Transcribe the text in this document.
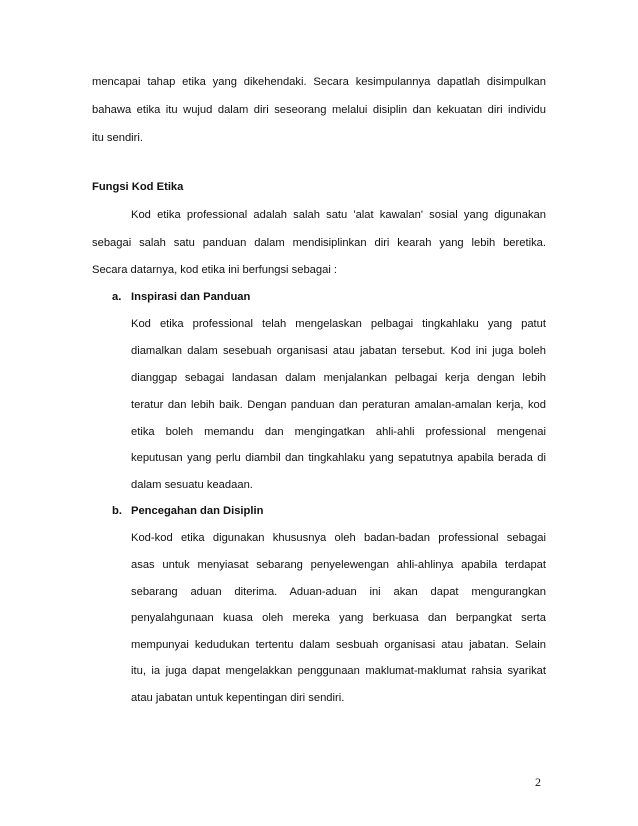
mencapai tahap etika yang dikehendaki. Secara kesimpulannya dapatlah disimpulkan
bahawa etika itu wujud dalam diri seseorang melalui disiplin dan kekuatan diri individu
itu sendiri.
Fungsi Kod Etika
Kod etika professional adalah salah satu 'alat kawalan' sosial yang digunakan
sebagai salah satu panduan dalam mendisiplinkan diri kearah yang lebih beretika.
Secara datarnya, kod etika ini berfungsi sebagai :
a. Inspirasi dan Panduan
Kod etika professional telah mengelaskan pelbagai tingkahlaku yang patut
diamalkan dalam sesebuah organisasi atau jabatan tersebut. Kod ini juga boleh
dianggap sebagai landasan dalam menjalankan pelbagai kerja dengan lebih
teratur dan lebih baik. Dengan panduan dan peraturan amalan-amalan kerja, kod
etika boleh memandu dan mengingatkan ahli-ahli professional mengenai
keputusan yang perlu diambil dan tingkahlaku yang sepatutnya apabila berada di
dalam sesuatu keadaan.
b. Pencegahan dan Disiplin
Kod-kod etika digunakan khususnya oleh badan-badan professional sebagai
asas untuk menyiasat sebarang penyelewengan ahli-ahlinya apabila terdapat
sebarang aduan diterima. Aduan-aduan ini akan dapat mengurangkan
penyalahgunaan kuasa oleh mereka yang berkuasa dan berpangkat serta
mempunyai kedudukan tertentu dalam sesbuah organisasi atau jabatan. Selain
itu, ia juga dapat mengelakkan penggunaan maklumat-maklumat rahsia syarikat
atau jabatan untuk kepentingan diri sendiri.
2
